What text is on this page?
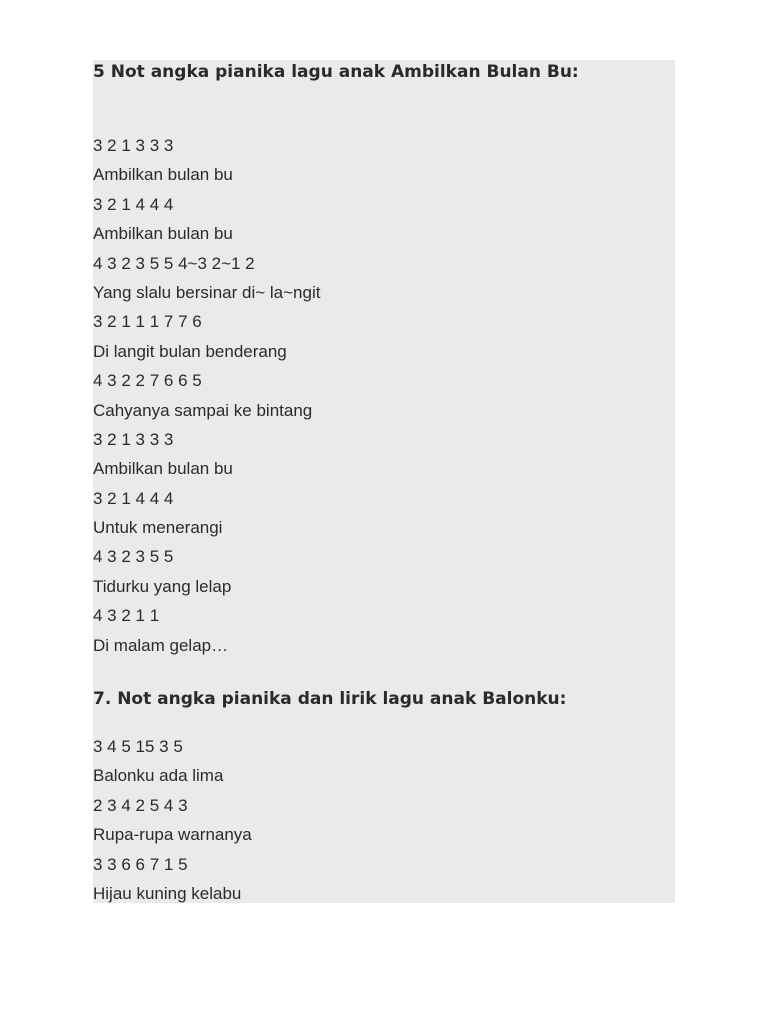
5 Not angka pianika lagu anak Ambilkan Bulan Bu:
3 2 1 3 3 3
Ambilkan bulan bu
3 2 1 4 4 4
Ambilkan bulan bu
4 3 2 3 5 5 4~3 2~1 2
Yang slalu bersinar di~ la~ngit
3 2 1 1 1 7 7 6
Di langit bulan benderang
4 3 2 2 7 6 6 5
Cahyanya sampai ke bintang
3 2 1 3 3 3
Ambilkan bulan bu
3 2 1 4 4 4
Untuk menerangi
4 3 2 3 5 5
Tidurku yang lelap
4 3 2 1 1
Di malam gelap…
7. Not angka pianika dan lirik lagu anak Balonku:
3 4 5 15 3 5
Balonku ada lima
2 3 4 2 5 4 3
Rupa-rupa warnanya
3 3 6 6 7 1 5
Hijau kuning kelabu
